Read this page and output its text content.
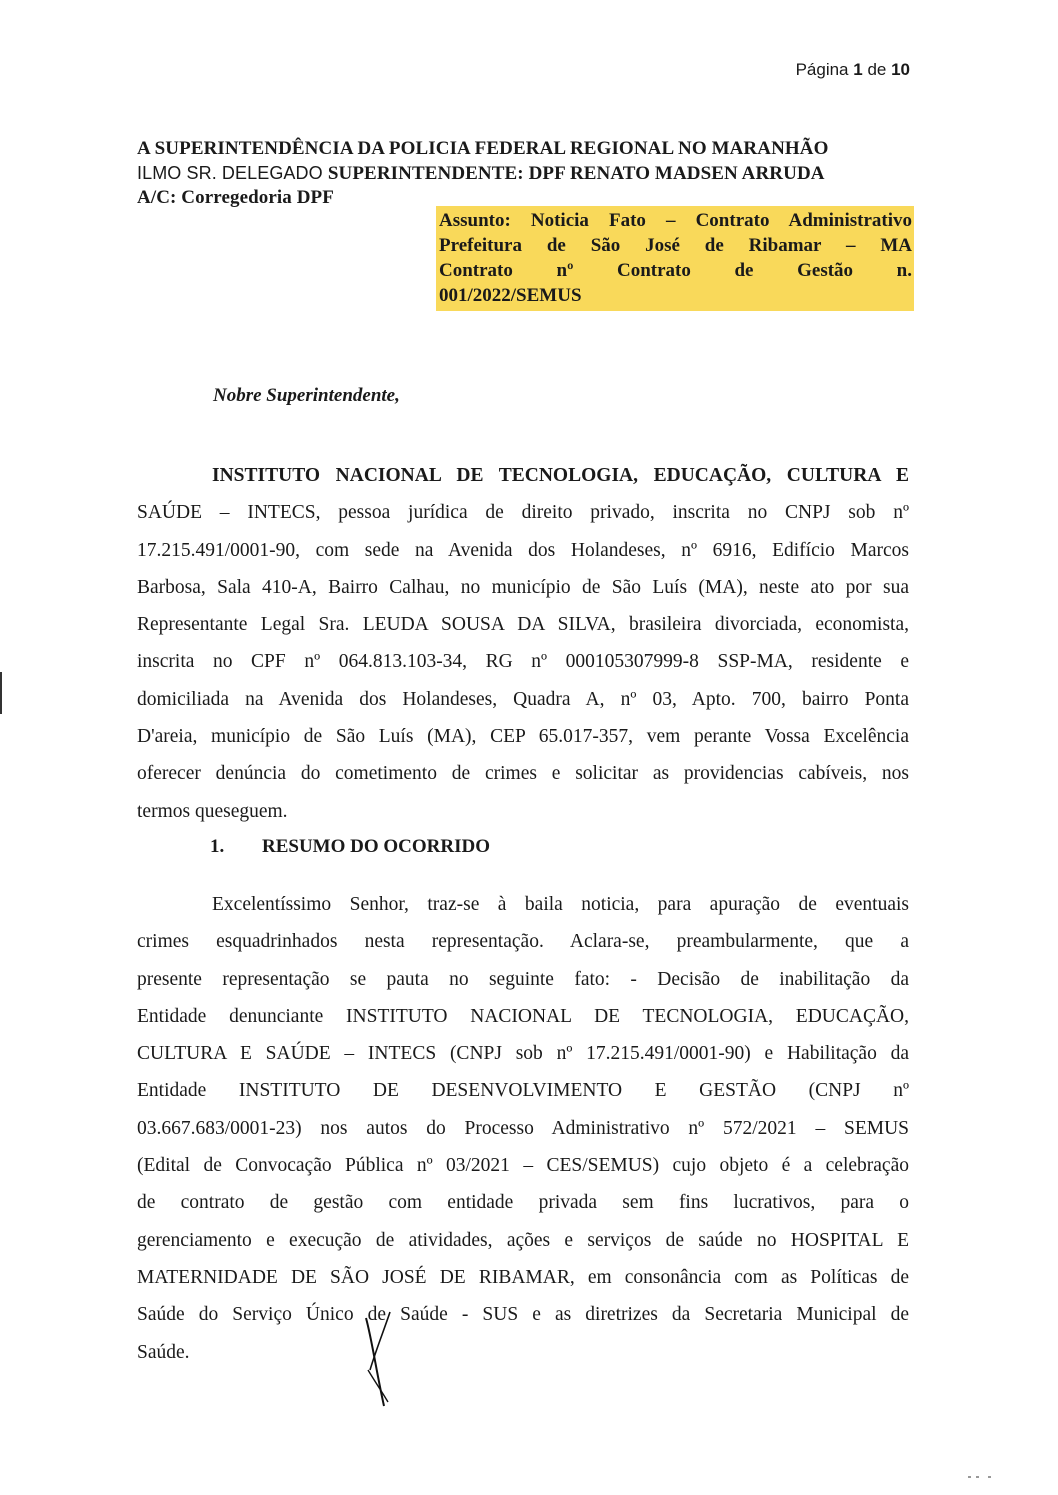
Página 1 de 10
A SUPERINTENDÊNCIA DA POLICIA FEDERAL REGIONAL NO MARANHÃO
ILMO SR. DELEGADO SUPERINTENDENTE: DPF RENATO MADSEN ARRUDA
A/C: Corregedoria DPF
Assunto: Noticia Fato – Contrato Administrativo
Prefeitura de São José de Ribamar – MA
Contrato nº Contrato de Gestão n.
001/2022/SEMUS
Nobre Superintendente,
INSTITUTO NACIONAL DE TECNOLOGIA, EDUCAÇÃO, CULTURA E
SAÚDE – INTECS, pessoa jurídica de direito privado, inscrita no CNPJ sob nº
17.215.491/0001-90, com sede na Avenida dos Holandeses, nº 6916, Edifício Marcos
Barbosa, Sala 410-A, Bairro Calhau, no município de São Luís (MA), neste ato por sua
Representante Legal Sra. LEUDA SOUSA DA SILVA, brasileira divorciada, economista,
inscrita no CPF nº 064.813.103-34, RG nº 000105307999-8 SSP-MA, residente e
domiciliada na Avenida dos Holandeses, Quadra A, nº 03, Apto. 700, bairro Ponta
D'areia, município de São Luís (MA), CEP 65.017-357, vem perante Vossa Excelência
oferecer denúncia do cometimento de crimes e solicitar as providencias cabíveis, nos
termos queseguem.
1. RESUMO DO OCORRIDO
Excelentíssimo Senhor, traz-se à baila noticia, para apuração de eventuais
crimes esquadrinhados nesta representação. Aclara-se, preambularmente, que a
presente representação se pauta no seguinte fato: - Decisão de inabilitação da
Entidade denunciante INSTITUTO NACIONAL DE TECNOLOGIA, EDUCAÇÃO,
CULTURA E SAÚDE – INTECS (CNPJ sob nº 17.215.491/0001-90) e Habilitação da
Entidade INSTITUTO DE DESENVOLVIMENTO E GESTÃO (CNPJ nº
03.667.683/0001-23) nos autos do Processo Administrativo nº 572/2021 – SEMUS
(Edital de Convocação Pública nº 03/2021 – CES/SEMUS) cujo objeto é a celebração
de contrato de gestão com entidade privada sem fins lucrativos, para o
gerenciamento e execução de atividades, ações e serviços de saúde no HOSPITAL E
MATERNIDADE DE SÃO JOSÉ DE RIBAMAR, em consonância com as Políticas de
Saúde do Serviço Único de Saúde - SUS e as diretrizes da Secretaria Municipal de
Saúde.
